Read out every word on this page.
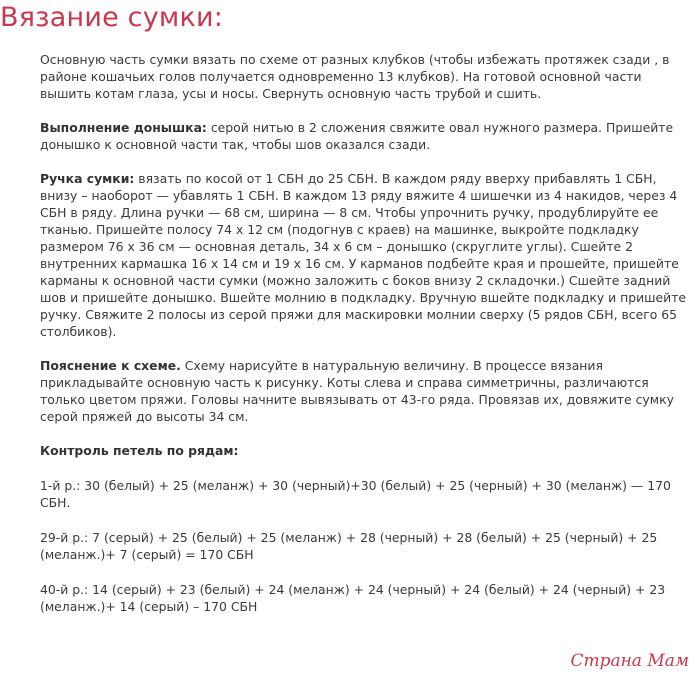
Вязание сумки:

Основную часть сумки вязать по схеме от разных клубков (чтобы избежать протяжек сзади , в районе кошачьих голов получается одновременно 13 клубков). На готовой основной части вышить котам глаза, усы и носы. Свернуть основную часть трубой и сшить.

Выполнение донышка: серой нитью в 2 сложения свяжите овал нужного размера. Пришейте донышко к основной части так, чтобы шов оказался сзади.

Ручка сумки: вязать по косой от 1 СБН до 25 СБН. В каждом ряду вверху прибавлять 1 СБН, внизу – наоборот — убавлять 1 СБН. В каждом 13 ряду вяжите 4 шишечки из 4 накидов, через 4 СБН в ряду. Длина ручки — 68 см, ширина — 8 см. Чтобы упрочнить ручку, продублируйте ее тканью. Пришейте полосу 74 х 12 см (подогнув с краев) на машинке, выкройте подкладку размером 76 х 36 см — основная деталь, 34 х 6 см – донышко (скруглите углы). Сшейте 2 внутренних кармашка 16 х 14 см и 19 х 16 см. У карманов подбейте края и прошейте, пришейте карманы к основной части сумки (можно заложить с боков внизу 2 складочки.) Сшейте задний шов и пришейте донышко. Вшейте молнию в подкладку. Вручную вшейте подкладку и пришейте ручку. Свяжите 2 полосы из серой пряжи для маскировки молнии сверху (5 рядов СБН, всего 65 столбиков).

Пояснение к схеме. Схему нарисуйте в натуральную величину. В процессе вязания прикладывайте основную часть к рисунку. Коты слева и справа симметричны, различаются только цветом пряжи. Головы начните вывязывать от 43-го ряда. Провязав их, довяжите сумку серой пряжей до высоты 34 см.

Контроль петель по рядам:

1-й р.: 30 (белый) + 25 (меланж) + 30 (черный)+30 (белый) + 25 (черный) + 30 (меланж) — 170 СБН.

29-й р.: 7 (серый) + 25 (белый) + 25 (меланж) + 28 (черный) + 28 (белый) + 25 (черный) + 25 (меланж.)+ 7 (серый) = 170 СБН

40-й р.: 14 (серый) + 23 (белый) + 24 (меланж) + 24 (черный) + 24 (белый) + 24 (черный) + 23 (меланж.)+ 14 (серый) – 170 СБН

Страна Мам
